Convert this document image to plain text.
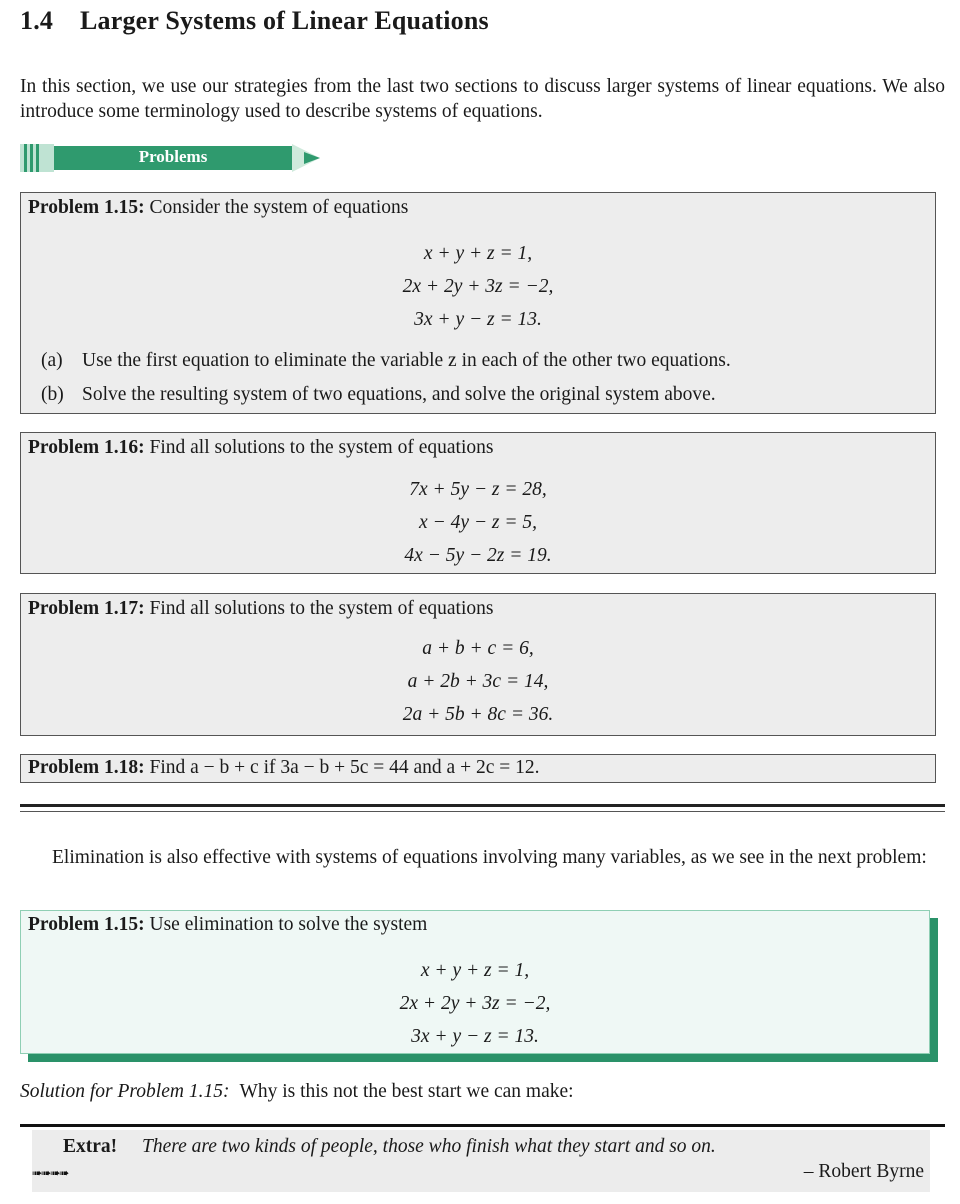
1.4 Larger Systems of Linear Equations
In this section, we use our strategies from the last two sections to discuss larger systems of linear equations. We also introduce some terminology used to describe systems of equations.
Problems
Problem 1.15: Consider the system of equations
x + y + z = 1,
2x + 2y + 3z = −2,
3x + y − z = 13.
(a) Use the first equation to eliminate the variable z in each of the other two equations.
(b) Solve the resulting system of two equations, and solve the original system above.
Problem 1.16: Find all solutions to the system of equations
7x + 5y − z = 28,
x − 4y − z = 5,
4x − 5y − 2z = 19.
Problem 1.17: Find all solutions to the system of equations
a + b + c = 6,
a + 2b + 3c = 14,
2a + 5b + 8c = 36.
Problem 1.18: Find a − b + c if 3a − b + 5c = 44 and a + 2c = 12.
Elimination is also effective with systems of equations involving many variables, as we see in the next problem:
Problem 1.15: Use elimination to solve the system
x + y + z = 1,
2x + 2y + 3z = −2,
3x + y − z = 13.
Solution for Problem 1.15: Why is this not the best start we can make:
Extra! There are two kinds of people, those who finish what they start and so on.
➠➠➠➠	– Robert Byrne
